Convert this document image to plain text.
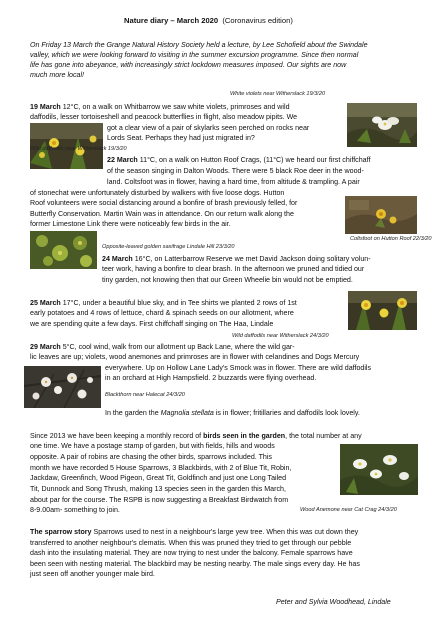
Nature diary – March 2020 (Coronavirus edition)
On Friday 13 March the Grange Natural History Society held a lecture, by Lee Schofield about the Swindale
valley, which we were looking forward to visiting in the summer excursion programme. Since then normal
life has gone into abeyance, with increasingly strict lockdown measures imposed. Our sights are now
much more local!
White violets near Witherslack 19/3/20
19 March 12°C, on a walk on Whitbarrow we saw white violets, primroses and wild
daffodils, lesser tortoiseshell and peacock butterflies in flight, also meadow pipits. We
got a clear view of a pair of skylarks seen perched on rocks near
Lords Seat. Perhaps they had just migrated in?
Wild daffodils near Witherslack 19/3/20
22 March 11°C, on a walk on Hutton Roof Crags, (11°C) we heard our first chiffchaff
of the season singing in Dalton Woods. There were 5 black Roe deer in the wood-
land. Coltsfoot was in flower, having a hard time, from altitude & trampling. A pair
of stonechat were unfortunately disturbed by walkers with five loose dogs. Hutton
Roof volunteers were social distancing around a bonfire of brash previously felled, for
Butterfly Conservation. Martin Wain was in attendance. On our return walk along the
former Limestone Link there were noticeably few birds in the air.
Coltsfoot on Hutton Roof 22/3/20
Opposite-leaved golden saxifrage Lindale Hill 23/3/20
24 March 16°C, on Latterbarrow Reserve we met David Jackson doing solitary volun-
teer work, having a bonfire to clear brash. In the afternoon we pruned and tidied our
tiny garden, not knowing then that our Green Wheelie bin would not be emptied.
25 March 17°C, under a beautiful blue sky, and in Tee shirts we planted 2 rows of 1st
early potatoes and 4 rows of lettuce, chard & spinach seeds on our allotment, where
we are spending quite a few days. First chiffchaff singing on The Haa, Lindale
Wild daffodils near Witherslack 24/3/20
29 March 5°C, cool wind, walk from our allotment up Back Lane, where the wild gar-
lic leaves are up; violets, wood anemones and primroses are in flower with celandines and Dogs Mercury
everywhere. Up on Hollow Lane Lady's Smock was in flower. There are wild daffodils
in an orchard at High Hampsfield. 2 buzzards were flying overhead.
Blackthorn near Halecat 24/3/20
In the garden the Magnolia stellata is in flower; fritillaries and daffodils look lovely.
Since 2013 we have been keeping a monthly record of birds seen in the garden, the total number at any
one time. We have a postage stamp of garden, but with fields, hills and woods
opposite. A pair of robins are chasing the other birds, sparrows included. This
month we have recorded 5 House Sparrows, 3 Blackbirds, with 2 of Blue Tit, Robin,
Jackdaw, Greenfinch, Wood Pigeon, Great Tit, Goldfinch and just one Long Tailed
Tit, Dunnock and Song Thrush, making 13 species seen in the garden this March,
about par for the course. The RSPB is now suggesting a Breakfast Birdwatch from
8-9.00am- something to join.	Wood Anemone near Cat Crag 24/3/20
The sparrow story Sparrows used to nest in a neighbour's large yew tree. When this was cut down they
transferred to another neighbour's clematis. When this was pruned they tried to get through our pebble
dash into the insulating material. They are now trying to nest under the balcony. Female sparrows have
been seen with nesting material. The blackbird may be nesting nearby. The male sings every day. He has
just seen off another younger male bird.
Peter and Sylvia Woodhead, Lindale
